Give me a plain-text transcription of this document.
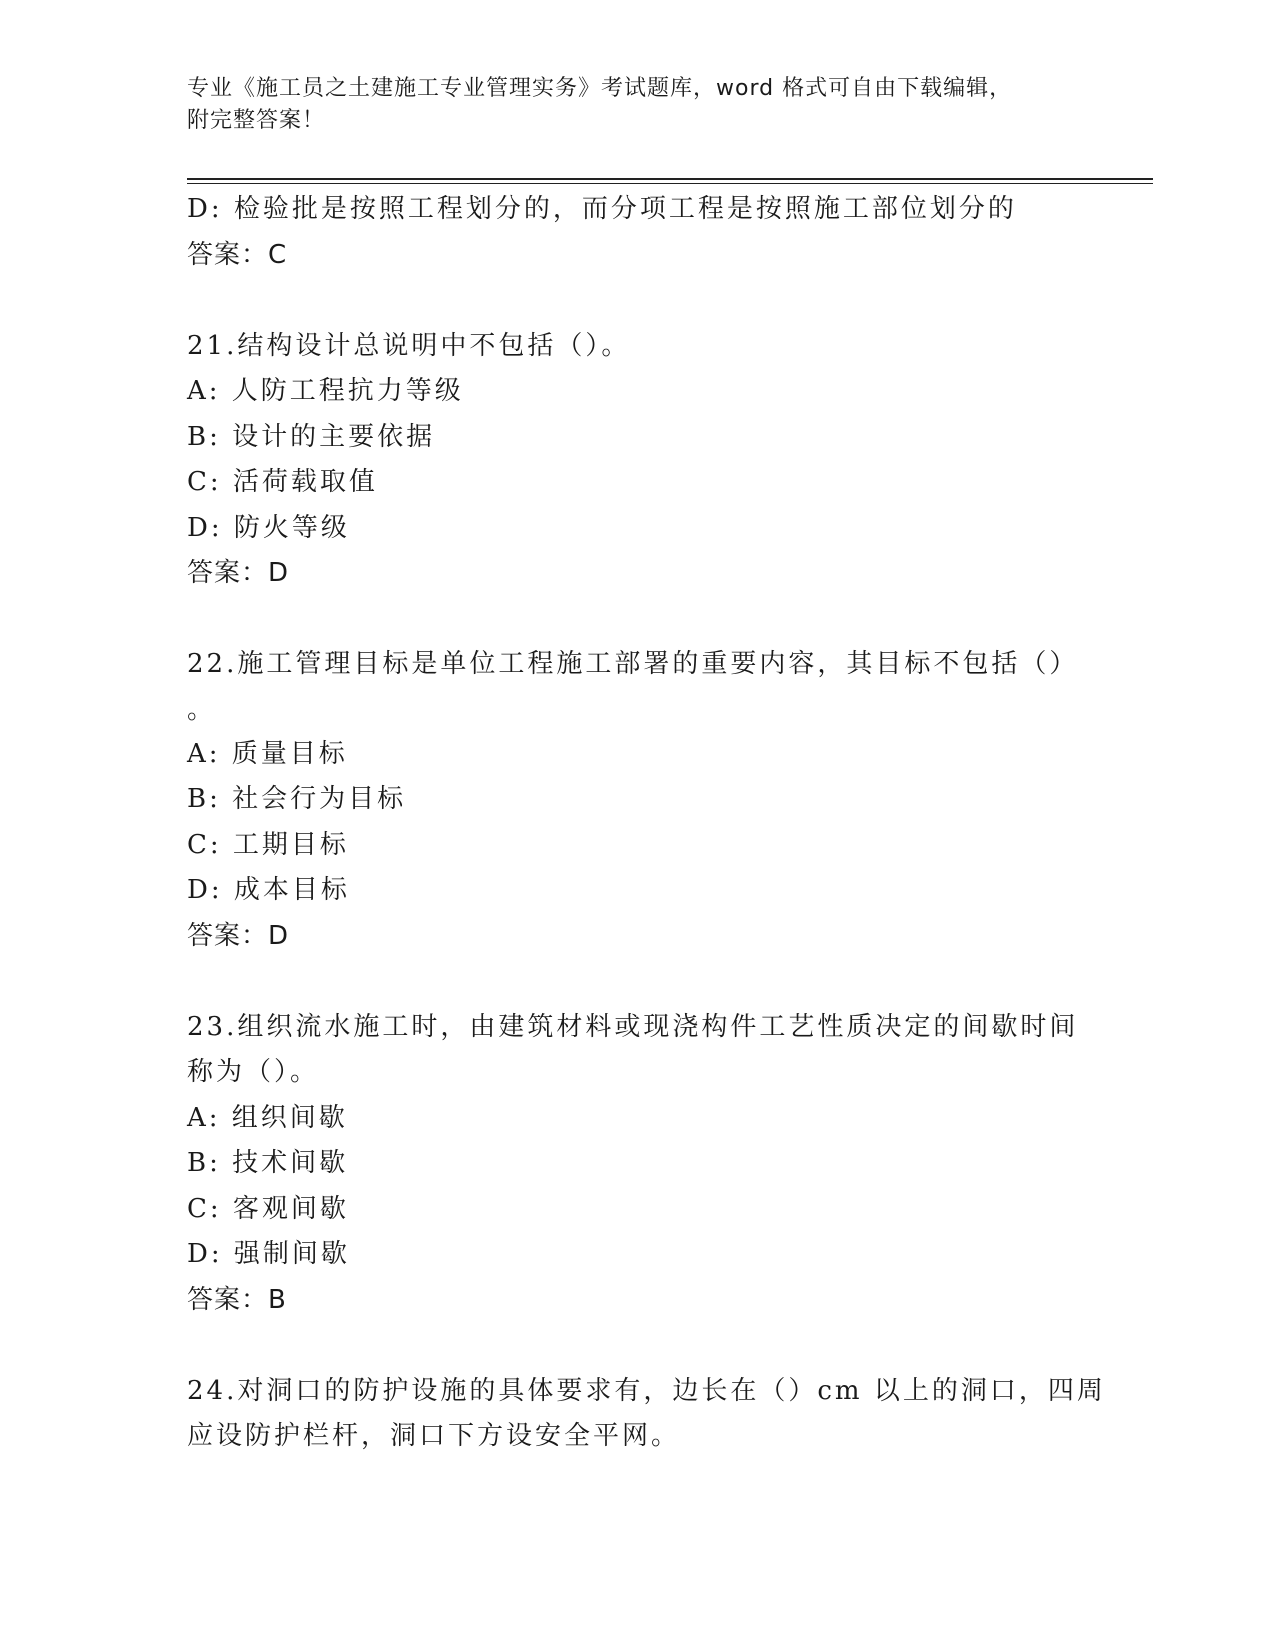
专业《施工员之土建施工专业管理实务》考试题库，word 格式可自由下载编辑，
附完整答案！
D: 检验批是按照工程划分的，而分项工程是按照施工部位划分的
答案：C
21.结构设计总说明中不包括（）。
A: 人防工程抗力等级
B: 设计的主要依据
C: 活荷载取值
D: 防火等级
答案：D
22.施工管理目标是单位工程施工部署的重要内容，其目标不包括（）
。
A: 质量目标
B: 社会行为目标
C: 工期目标
D: 成本目标
答案：D
23.组织流水施工时，由建筑材料或现浇构件工艺性质决定的间歇时间
称为（）。
A: 组织间歇
B: 技术间歇
C: 客观间歇
D: 强制间歇
答案：B
24.对洞口的防护设施的具体要求有，边长在（）cm 以上的洞口，四周
应设防护栏杆，洞口下方设安全平网。
